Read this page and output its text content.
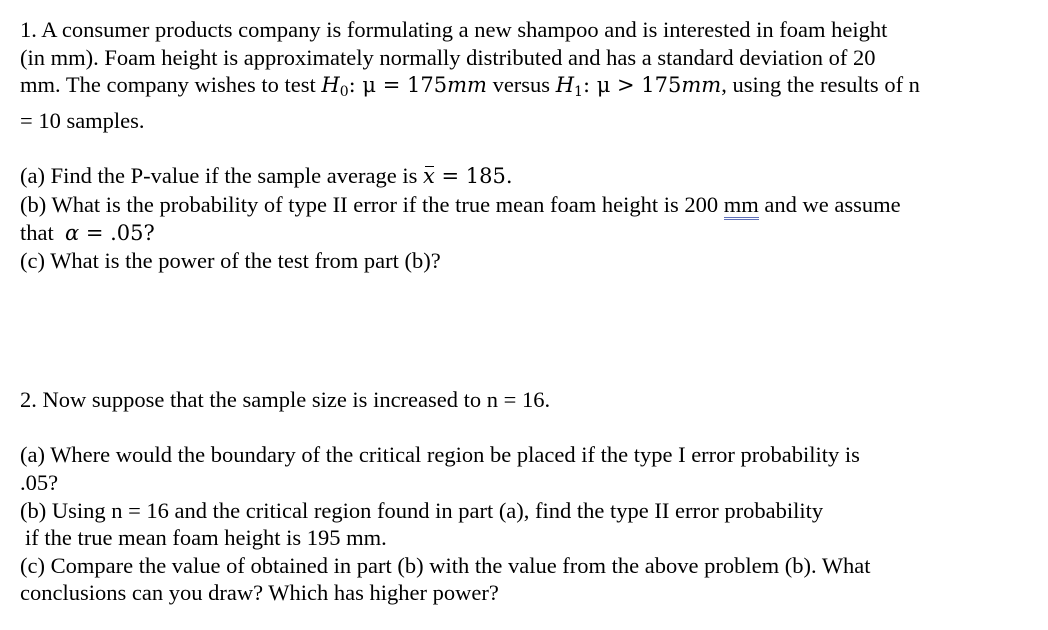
1. A consumer products company is formulating a new shampoo and is interested in foam height
(in mm). Foam height is approximately normally distributed and has a standard deviation of 20
mm. The company wishes to test $H_0$: μ = 175mm versus $H_1$: μ > 175mm, using the results of n
= 10 samples.
(a) Find the P-value if the sample average is x = 185.
(b) What is the probability of type II error if the true mean foam height is 200 mm and we assume
that α = .05?
(c) What is the power of the test from part (b)?
2. Now suppose that the sample size is increased to n = 16.
(a) Where would the boundary of the critical region be placed if the type I error probability is
.05?
(b) Using n = 16 and the critical region found in part (a), find the type II error probability
if the true mean foam height is 195 mm.
(c) Compare the value of obtained in part (b) with the value from the above problem (b). What
conclusions can you draw? Which has higher power?
